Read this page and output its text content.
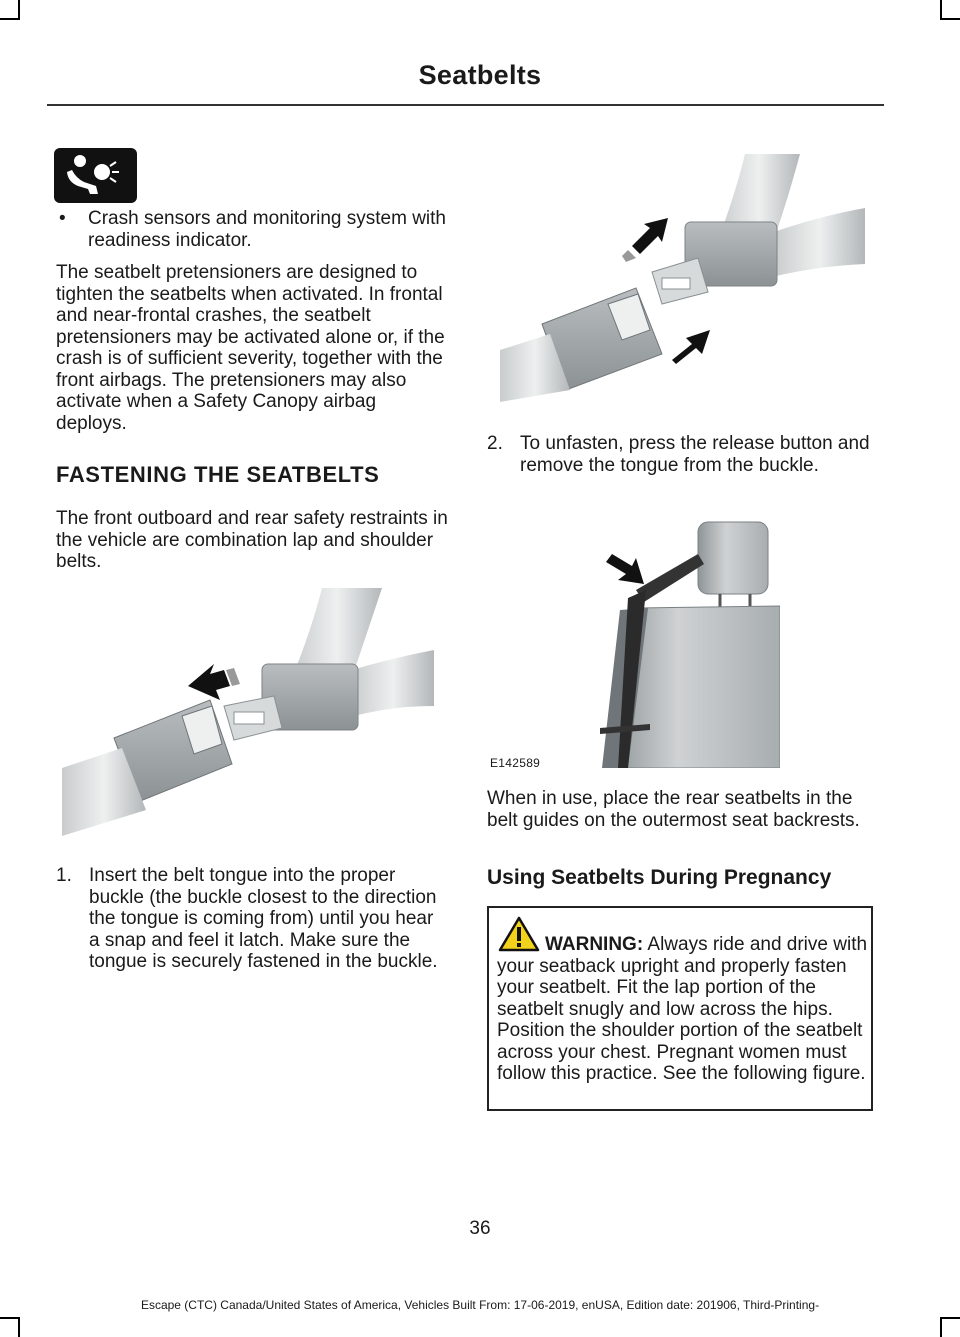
Seatbelts
•	Crash sensors and monitoring system with readiness indicator.

The seatbelt pretensioners are designed to tighten the seatbelts when activated. In frontal and near-frontal crashes, the seatbelt pretensioners may be activated alone or, if the crash is of sufficient severity, together with the front airbags. The pretensioners may also activate when a Safety Canopy airbag deploys.

FASTENING THE SEATBELTS

The front outboard and rear safety restraints in the vehicle are combination lap and shoulder belts.

1. Insert the belt tongue into the proper buckle (the buckle closest to the direction the tongue is coming from) until you hear a snap and feel it latch. Make sure the tongue is securely fastened in the buckle.
2. To unfasten, press the release button and remove the tongue from the buckle.
E142589

When in use, place the rear seatbelts in the belt guides on the outermost seat backrests.

Using Seatbelts During Pregnancy
WARNING: Always ride and drive with your seatback upright and properly fasten your seatbelt. Fit the lap portion of the seatbelt snugly and low across the hips. Position the shoulder portion of the seatbelt across your chest. Pregnant women must follow this practice. See the following figure.
36
Escape (CTC) Canada/United States of America, Vehicles Built From: 17-06-2019, enUSA, Edition date: 201906, Third-Printing-
